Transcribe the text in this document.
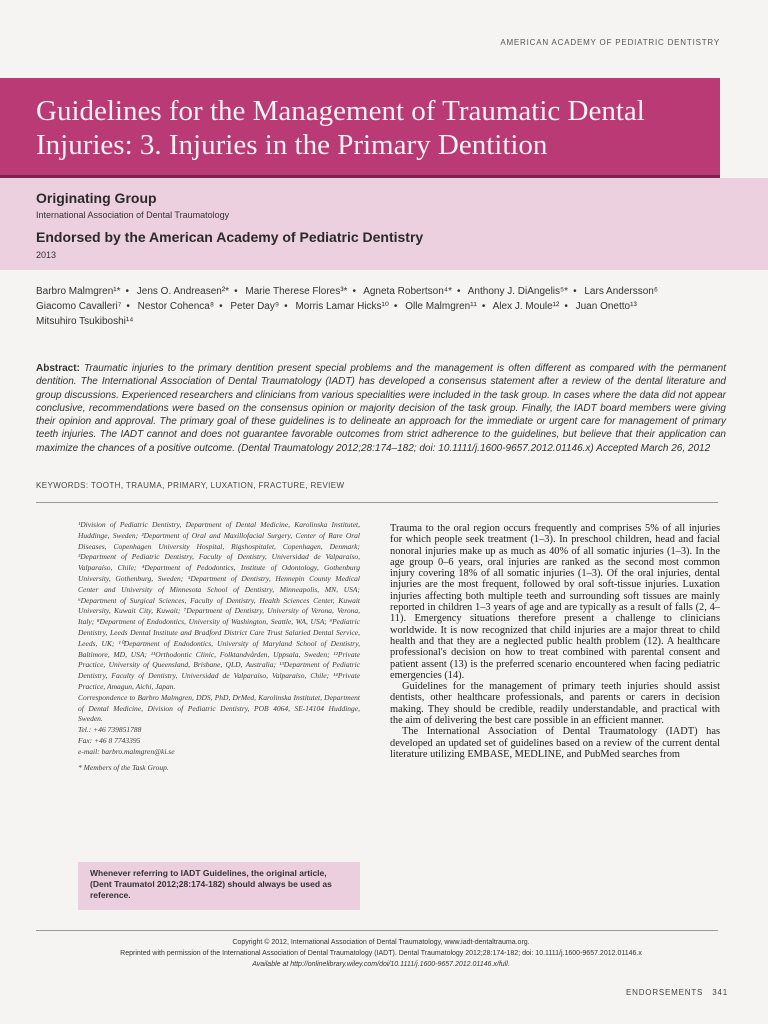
AMERICAN ACADEMY OF PEDIATRIC DENTISTRY
Guidelines for the Management of Traumatic Dental
Injuries: 3. Injuries in the Primary Dentition
Originating Group
International Association of Dental Traumatology
Endorsed by the American Academy of Pediatric Dentistry
2013
Barbro Malmgren¹* • Jens O. Andreasen²* • Marie Therese Flores³* • Agneta Robertson⁴* • Anthony J. DiAngelis⁵* • Lars Andersson⁶
Giacomo Cavalleri⁷ • Nestor Cohenca⁸ • Peter Day⁹ • Morris Lamar Hicks¹⁰ • Olle Malmgren¹¹ • Alex J. Moule¹² • Juan Onetto¹³
Mitsuhiro Tsukiboshi¹⁴
Abstract: Traumatic injuries to the primary dentition present special problems and the management is often different as compared with the permanent dentition. The International Association of Dental Traumatology (IADT) has developed a consensus statement after a review of the dental literature and group discussions. Experienced researchers and clinicians from various specialities were included in the task group. In cases where the data did not appear conclusive, recommendations were based on the consensus opinion or majority decision of the task group. Finally, the IADT board members were giving their opinion and approval. The primary goal of these guidelines is to delineate an approach for the immediate or urgent care for management of primary teeth injuries. The IADT cannot and does not guarantee favorable outcomes from strict adherence to the guidelines, but believe that their application can maximize the chances of a positive outcome. (Dental Traumatology 2012;28:174–182; doi: 10.1111/j.1600-9657.2012.01146.x) Accepted March 26, 2012
KEYWORDS: TOOTH, TRAUMA, PRIMARY, LUXATION, FRACTURE, REVIEW

¹Division of Pediatric Dentistry, Department of Dental Medicine, Karolinska Institutet, Huddinge, Sweden; ²Department of Oral and Maxillofacial Surgery, Center of Rare Oral Diseases, Copenhagen University Hospital, Rigshospitalet, Copenhagen, Denmark; ³Department of Pediatric Dentistry, Faculty of Dentistry, Universidad de Valparaíso, Valparaíso, Chile; ⁴Department of Pedodontics, Institute of Odontology, Gothenburg University, Gothenburg, Sweden; ⁵Department of Dentistry, Hennepin County Medical Center and University of Minnesota School of Dentistry, Minneapolis, MN, USA; ⁶Department of Surgical Sciences, Faculty of Dentistry, Health Sciences Center, Kuwait University, Kuwait City, Kuwait; ⁷Department of Dentistry, University of Verona, Verona, Italy; ⁸Department of Endodontics, University of Washington, Seattle, WA, USA; ⁹Pediatric Dentistry, Leeds Dental Institute and Bradford District Care Trust Salaried Dental Service, Leeds, UK; ¹⁰Department of Endodontics, University of Maryland School of Dentistry, Baltimore, MD, USA; ¹¹Orthodontic Clinic, Folktandvården, Uppsala, Sweden; ¹²Private Practice, University of Queensland, Brisbane, QLD, Australia; ¹³Department of Pediatric Dentistry, Faculty of Dentistry, Universidad de Valparaíso, Valparaíso, Chile; ¹⁴Private Practice, Amagun, Aichi, Japan.

Correspondence to Barbro Malmgren, DDS, PhD, DrMed, Karolinska Institutet, Department of Dental Medicine, Division of Pediatric Dentistry, POB 4064, SE-14104 Huddinge, Sweden.

Tel.: +46 739851788

Fax: +46 8 7743395

e-mail: barbro.malmgren@ki.se

* Members of the Task Group.

Whenever referring to IADT Guidelines, the original article, (Dent Traumatol 2012;28:174-182) should always be used as reference.

Trauma to the oral region occurs frequently and comprises 5% of all injuries for which people seek treatment (1–3). In preschool children, head and facial nonoral injuries make up as much as 40% of all somatic injuries (1–3). In the age group 0–6 years, oral injuries are ranked as the second most common injury covering 18% of all somatic injuries (1–3). Of the oral injuries, dental injuries are the most frequent, followed by oral soft-tissue injuries. Luxation injuries affecting both multiple teeth and surrounding soft tissues are mainly reported in children 1–3 years of age and are typically as a result of falls (2, 4–11). Emergency situations therefore present a challenge to clinicians worldwide. It is now recognized that child injuries are a major threat to child health and that they are a neglected public health problem (12). A healthcare professional's decision on how to treat combined with parental consent and patient assent (13) is the preferred scenario encountered when facing pediatric emergencies (14).

Guidelines for the management of primary teeth injuries should assist dentists, other healthcare professionals, and parents or carers in decision making. They should be credible, readily understandable, and practical with the aim of delivering the best care possible in an efficient manner.

The International Association of Dental Traumatology (IADT) has developed an updated set of guidelines based on a review of the current dental literature utilizing EMBASE, MEDLINE, and PubMed searches from

Copyright © 2012, International Association of Dental Traumatology, www.iadt-dentaltrauma.org.
Reprinted with permission of the International Association of Dental Traumatology (IADT). Dental Traumatology 2012;28:174-182; doi: 10.1111/j.1600-9657.2012.01146.x
Available at http://onlinelibrary.wiley.com/doi/10.1111/j.1600-9657.2012.01146.x/full.
ENDORSEMENTS 341
